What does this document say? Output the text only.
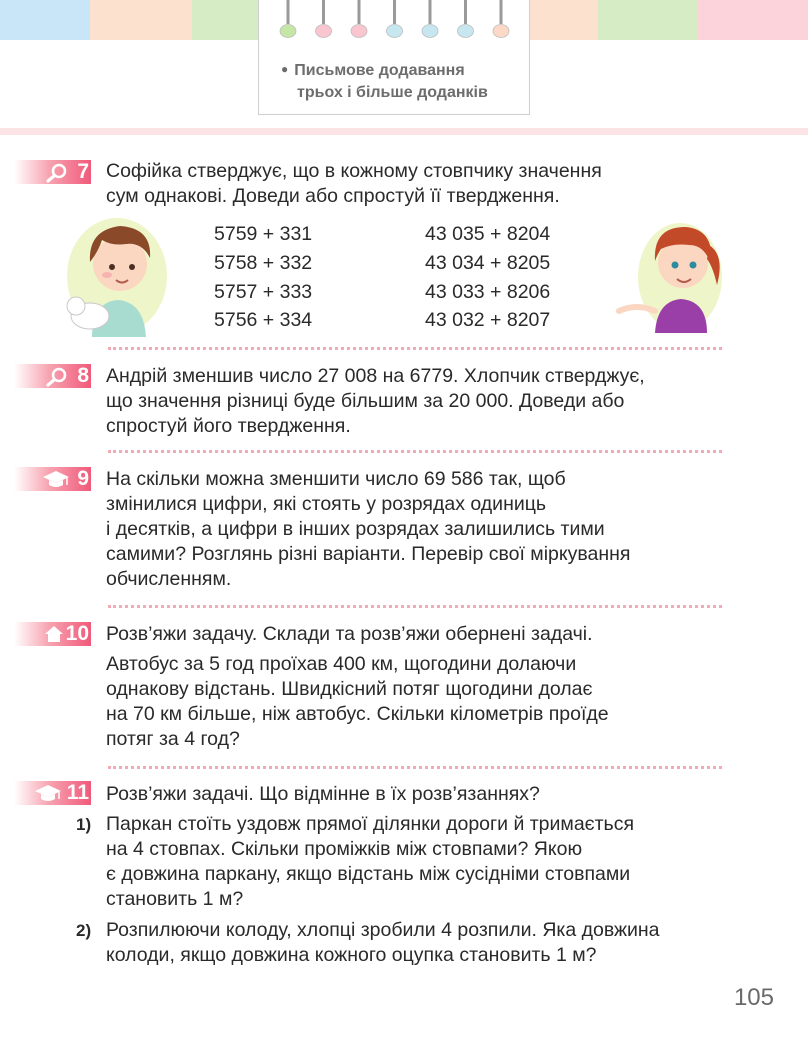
● Письмове додавання
трьох і більше доданків
7 Софійка стверджує, що в кожному стовпчику значення
сум однакові. Доведи або спростуй її твердження.
5759 + 331
5758 + 332
5757 + 333
5756 + 334
43 035 + 8204
43 034 + 8205
43 033 + 8206
43 032 + 8207
8 Андрій зменшив число 27 008 на 6779. Хлопчик стверджує,
що значення різниці буде більшим за 20 000. Доведи або
спростуй його твердження.
9 На скільки можна зменшити число 69 586 так, щоб
змінилися цифри, які стоять у розрядах одиниць
і десятків, а цифри в інших розрядах залишились тими
самими? Розглянь різні варіанти. Перевір свої міркування
обчисленням.
10 Розв’яжи задачу. Склади та розв’яжи обернені задачі.
Автобус за 5 год проїхав 400 км, щогодини долаючи
однакову відстань. Швидкісний потяг щогодини долає
на 70 км більше, ніж автобус. Скільки кілометрів проїде
потяг за 4 год?
11 Розв’яжи задачі. Що відмінне в їх розв’язаннях?
1) Паркан стоїть уздовж прямої ділянки дороги й тримається
на 4 стовпах. Скільки проміжків між стовпами? Якою
є довжина паркану, якщо відстань між сусідніми стовпами
становить 1 м?
2) Розпилюючи колоду, хлопці зробили 4 розпили. Яка довжина
колоди, якщо довжина кожного оцупка становить 1 м?
105
